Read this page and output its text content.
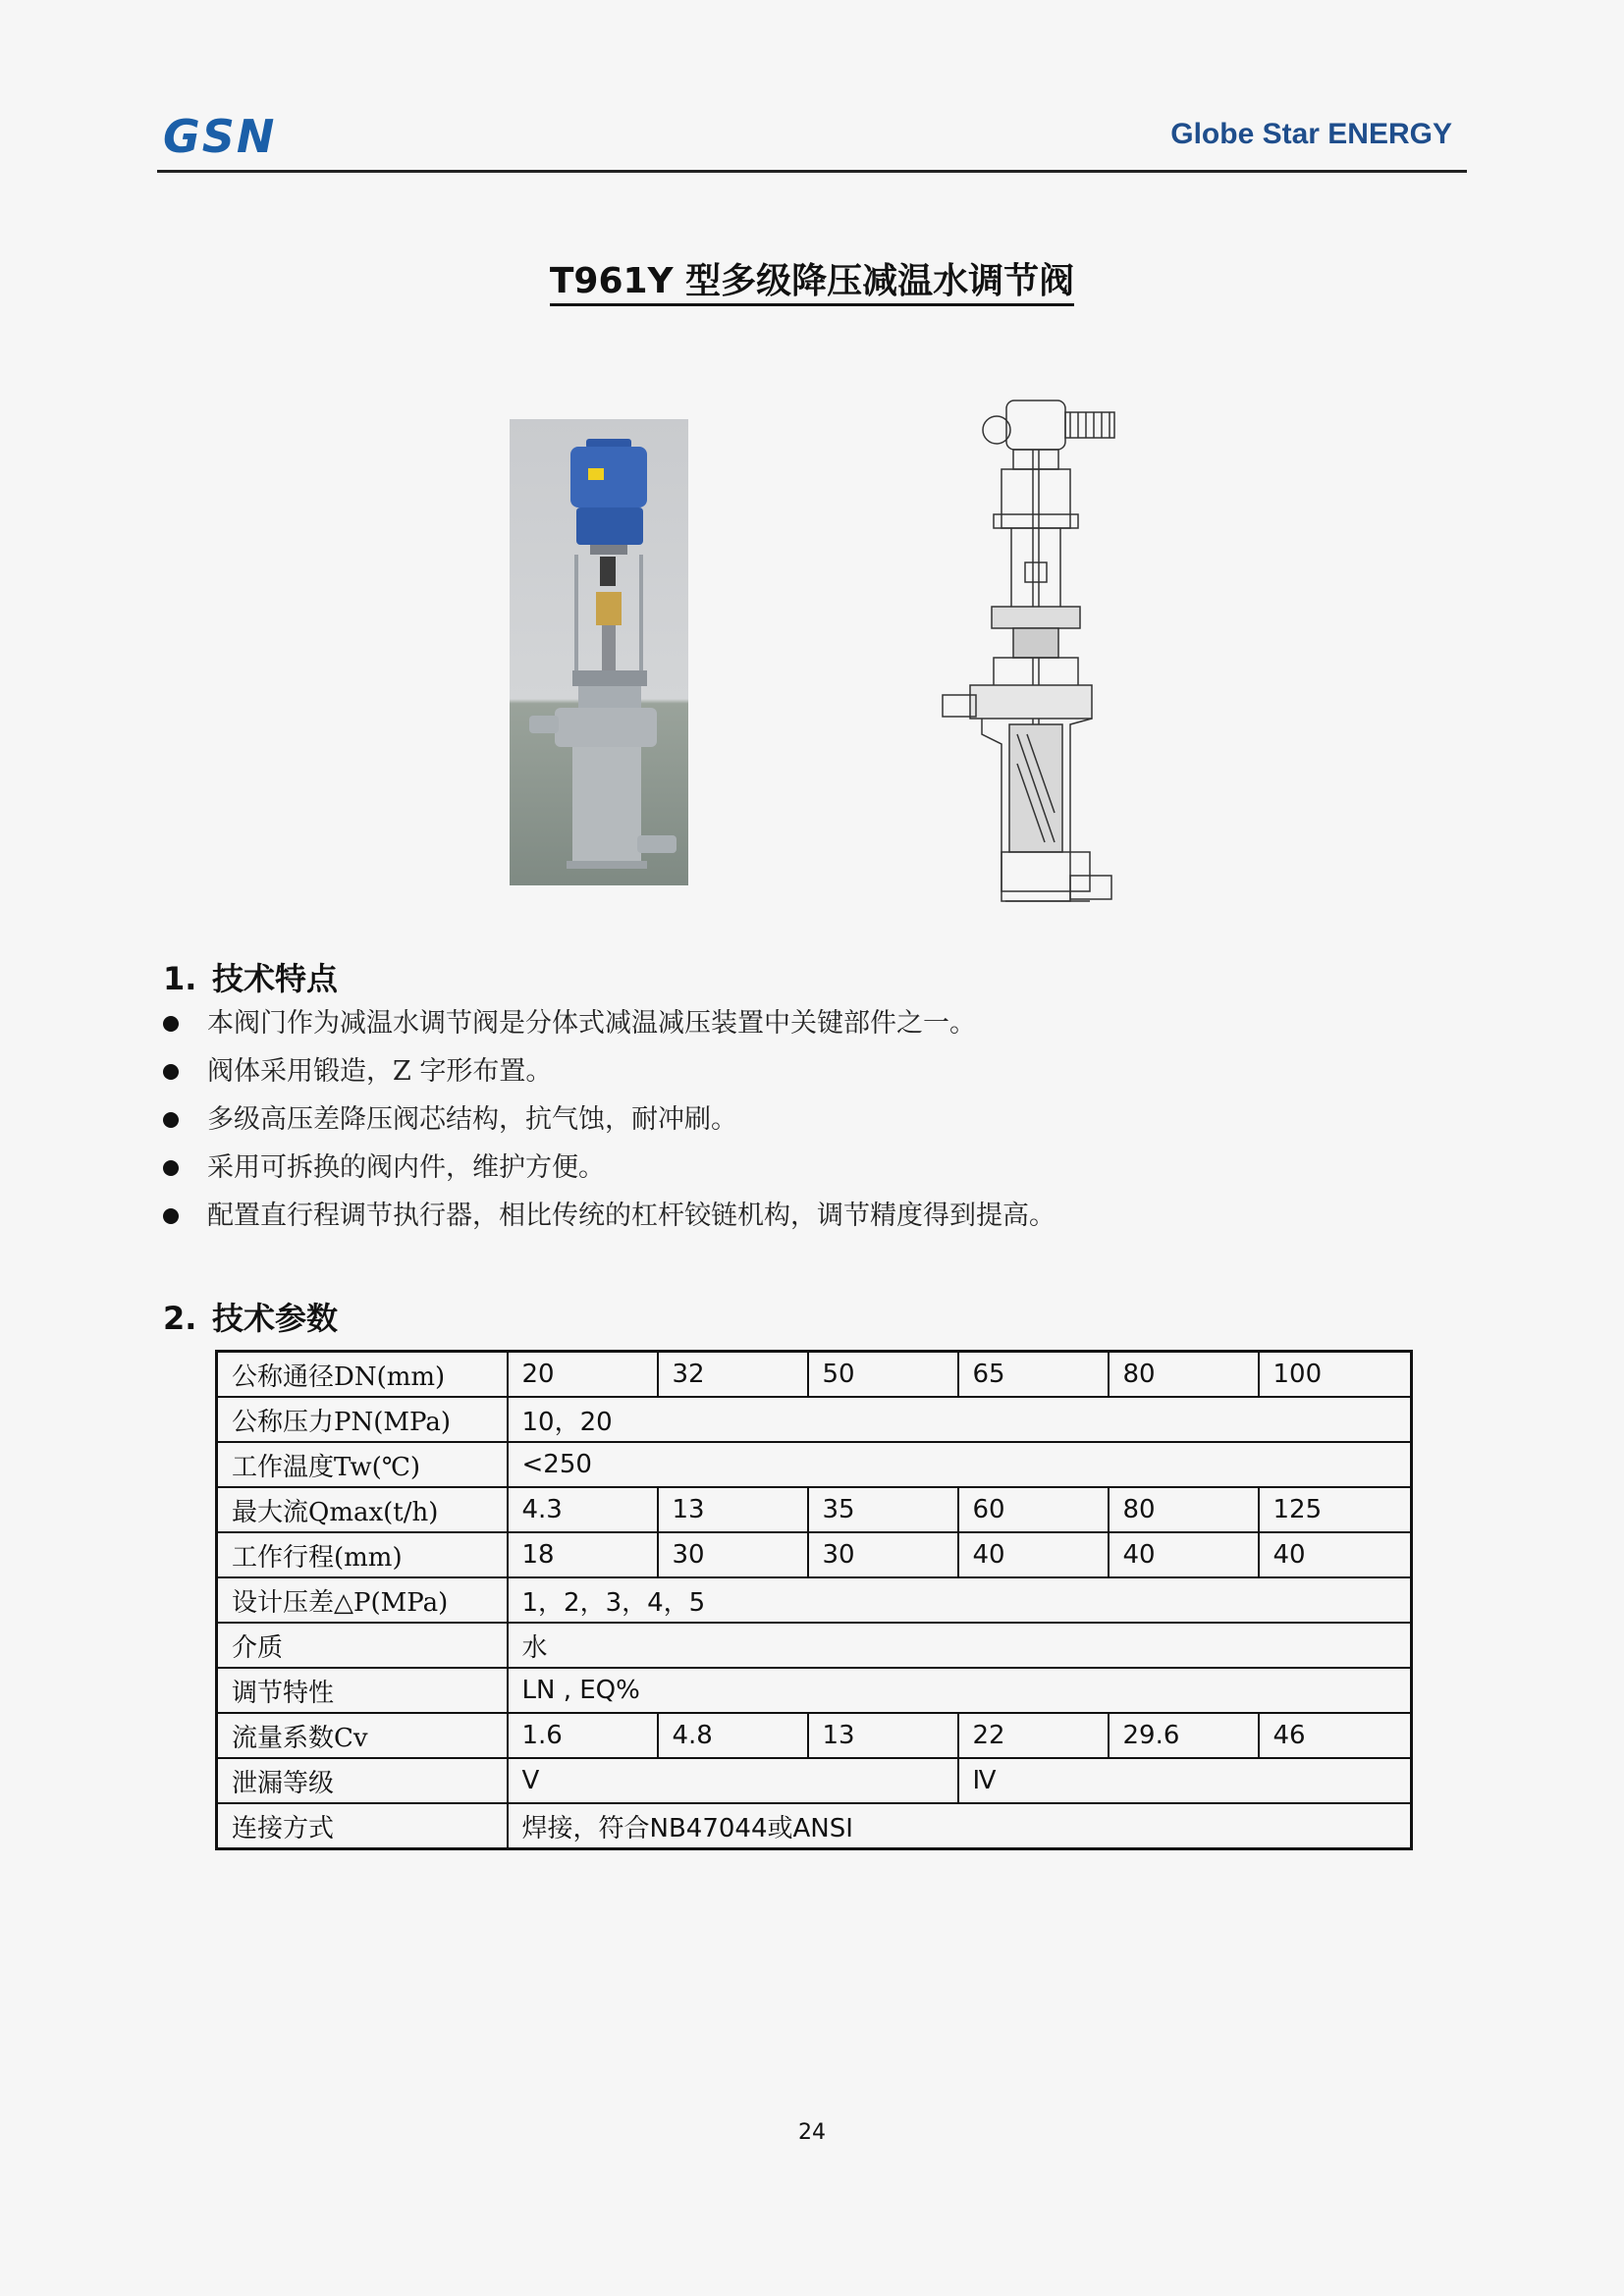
GSN	Globe Star ENERGY
T961Y 型多级降压减温水调节阀
1. 技术特点
本阀门作为减温水调节阀是分体式减温减压装置中关键部件之一。
阀体采用锻造，Z 字形布置。
多级高压差降压阀芯结构，抗气蚀，耐冲刷。
采用可拆换的阀内件，维护方便。
配置直行程调节执行器，相比传统的杠杆铰链机构，调节精度得到提高。
2. 技术参数
公称通径DN(mm)	20	32	50	65	80	100
公称压力PN(MPa)	10，20					
工作温度Tw(℃)	<250					
最大流Qmax(t/h)	4.3	13	35	60	80	125
工作行程(mm)	18	30	30	40	40	40
设计压差△P(MPa)	1，2，3，4，5					
介质	水					
调节特性	LN , EQ%					
流量系数Cv	1.6	4.8	13	22	29.6	46
泄漏等级	V			Ⅳ		
连接方式	焊接，符合NB47044或ANSI					
24
